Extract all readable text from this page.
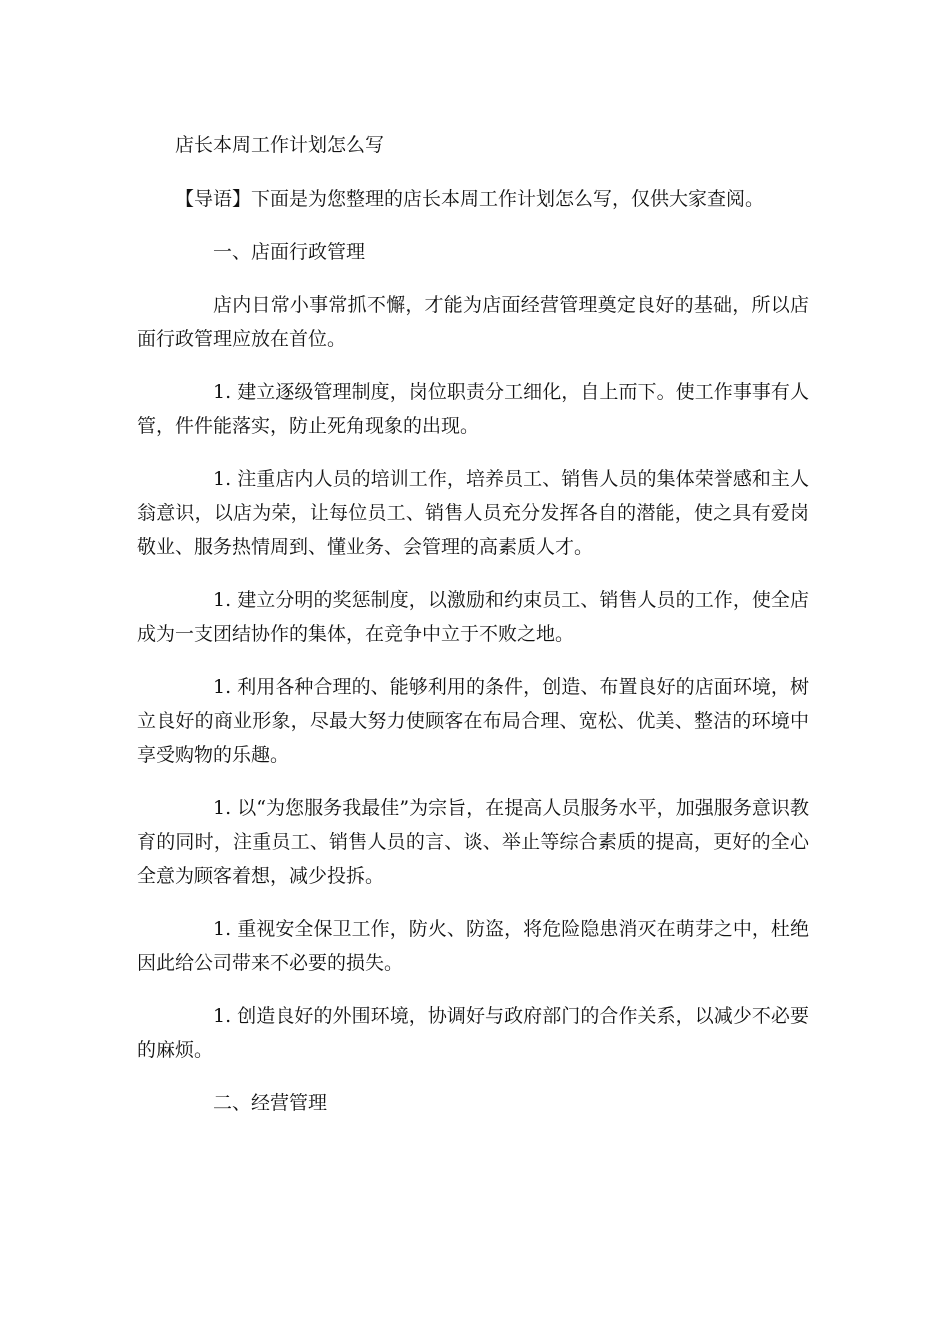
店长本周工作计划怎么写

【导语】下面是为您整理的店长本周工作计划怎么写，仅供大家查阅。

一、店面行政管理

店内日常小事常抓不懈，才能为店面经营管理奠定良好的基础，所以店面行政管理应放在首位。

1. 建立逐级管理制度，岗位职责分工细化，自上而下。使工作事事有人管，件件能落实，防止死角现象的出现。

1. 注重店内人员的培训工作，培养员工、销售人员的集体荣誉感和主人翁意识，以店为荣，让每位员工、销售人员充分发挥各自的潜能，使之具有爱岗敬业、服务热情周到、懂业务、会管理的高素质人才。

1. 建立分明的奖惩制度，以激励和约束员工、销售人员的工作，使全店成为一支团结协作的集体，在竞争中立于不败之地。

1. 利用各种合理的、能够利用的条件，创造、布置良好的店面环境，树立良好的商业形象，尽最大努力使顾客在布局合理、宽松、优美、整洁的环境中享受购物的乐趣。

1. 以“为您服务我最佳”为宗旨，在提高人员服务水平，加强服务意识教育的同时，注重员工、销售人员的言、谈、举止等综合素质的提高，更好的全心全意为顾客着想，减少投拆。

1. 重视安全保卫工作，防火、防盗，将危险隐患消灭在萌芽之中，杜绝因此给公司带来不必要的损失。

1. 创造良好的外围环境，协调好与政府部门的合作关系，以减少不必要的麻烦。

二、经营管理
